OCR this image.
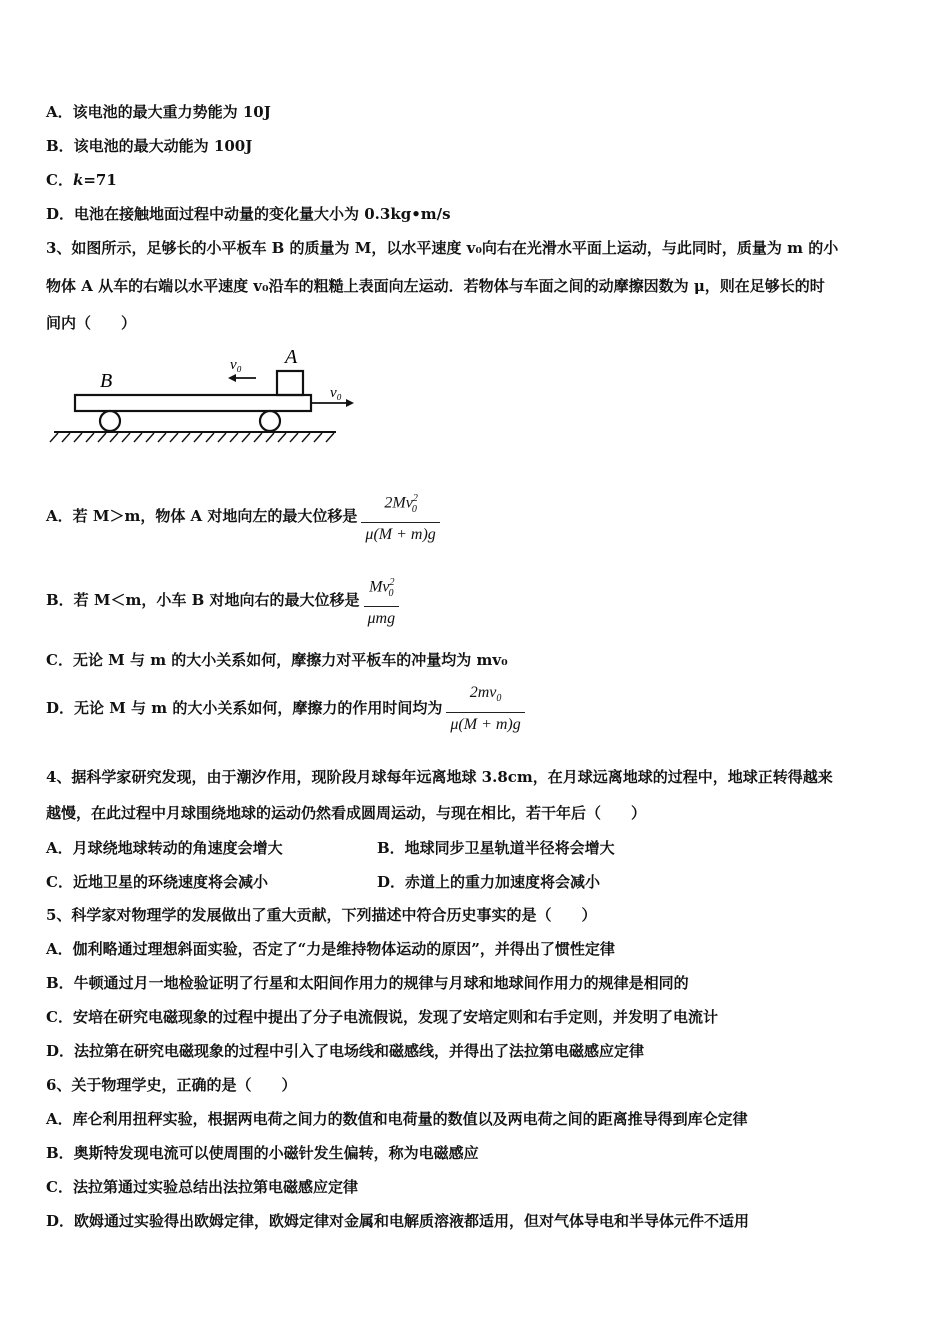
A．该电池的最大重力势能为 10J
B．该电池的最大动能为 100J
C．k=71
D．电池在接触地面过程中动量的变化量大小为 0.3kg•m/s
3、如图所示，足够长的小平板车 B 的质量为 M，以水平速度 v₀向右在光滑水平面上运动，与此同时，质量为 m 的小
物体 A 从车的右端以水平速度 v₀沿车的粗糙上表面向左运动．若物体与车面之间的动摩擦因数为 μ，则在足够长的时
间内（　　）
B
A
v₀
v₀
A．若 M＞m，物体 A 对地向左的最大位移是 $\frac{2Mv^2_0}{\mu(M + m)g}$
B．若 M＜m，小车 B 对地向右的最大位移是 $\frac{Mv^2_0}{\text{μmg}}$
C．无论 M 与 m 的大小关系如何，摩擦力对平板车的冲量均为 mv₀
D．无论 M 与 m 的大小关系如何，摩擦力的作用时间均为 $\frac{2mv_0}{\mu(M + m)g}$
4、据科学家研究发现，由于潮汐作用，现阶段月球每年远离地球 3.8cm，在月球远离地球的过程中，地球正转得越来
越慢，在此过程中月球围绕地球的运动仍然看成圆周运动，与现在相比，若干年后（　　）
A．月球绕地球转动的角速度会增大	B．地球同步卫星轨道半径将会增大
C．近地卫星的环绕速度将会减小	D．赤道上的重力加速度将会减小
5、科学家对物理学的发展做出了重大贡献，下列描述中符合历史事实的是（　　）
A．伽利略通过理想斜面实验，否定了“力是维持物体运动的原因”，并得出了惯性定律
B．牛顿通过月一地检验证明了行星和太阳间作用力的规律与月球和地球间作用力的规律是相同的
C．安培在研究电磁现象的过程中提出了分子电流假说，发现了安培定则和右手定则，并发明了电流计
D．法拉第在研究电磁现象的过程中引入了电场线和磁感线，并得出了法拉第电磁感应定律
6、关于物理学史，正确的是（　　）
A．库仑利用扭秤实验，根据两电荷之间力的数值和电荷量的数值以及两电荷之间的距离推导得到库仑定律
B．奥斯特发现电流可以使周围的小磁针发生偏转，称为电磁感应
C．法拉第通过实验总结出法拉第电磁感应定律
D．欧姆通过实验得出欧姆定律，欧姆定律对金属和电解质溶液都适用，但对气体导电和半导体元件不适用
